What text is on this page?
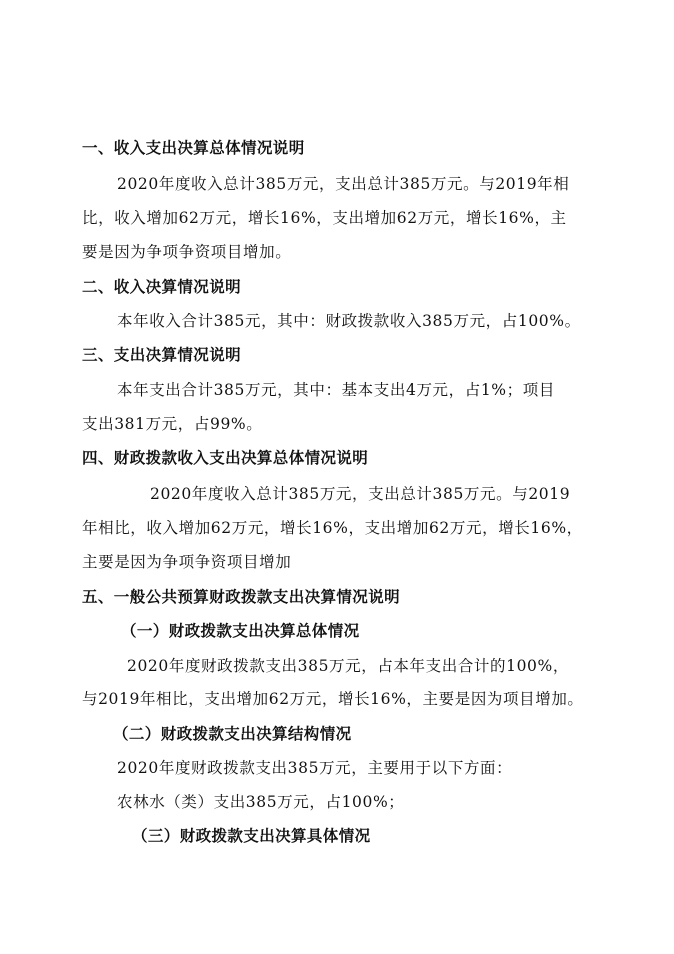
一、收入支出决算总体情况说明
2020年度收入总计385万元，支出总计385万元。与2019年相
比，收入增加62万元，增长16%，支出增加62万元，增长16%，主
要是因为争项争资项目增加。
二、收入决算情况说明
本年收入合计385元，其中：财政拨款收入385万元，占100%。
三、支出决算情况说明
本年支出合计385万元，其中：基本支出4万元，占1%；项目
支出381万元，占99%。
四、财政拨款收入支出决算总体情况说明
2020年度收入总计385万元，支出总计385万元。与2019
年相比，收入增加62万元，增长16%，支出增加62万元，增长16%，
主要是因为争项争资项目增加
五、一般公共预算财政拨款支出决算情况说明
（一）财政拨款支出决算总体情况
2020年度财政拨款支出385万元，占本年支出合计的100%，
与2019年相比，支出增加62万元，增长16%，主要是因为项目增加。
（二）财政拨款支出决算结构情况
2020年度财政拨款支出385万元，主要用于以下方面：
农林水（类）支出385万元，占100%；
（三）财政拨款支出决算具体情况
